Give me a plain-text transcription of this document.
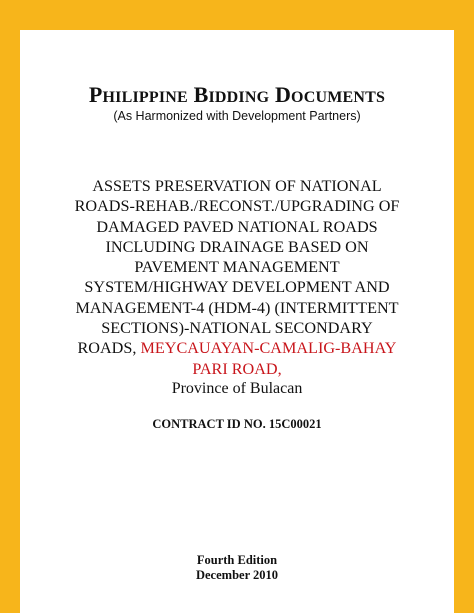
PHILIPPINE BIDDING DOCUMENTS
(As Harmonized with Development Partners)
ASSETS PRESERVATION OF NATIONAL
ROADS-REHAB./RECONST./UPGRADING OF
DAMAGED PAVED NATIONAL ROADS
INCLUDING DRAINAGE BASED ON
PAVEMENT MANAGEMENT
SYSTEM/HIGHWAY DEVELOPMENT AND
MANAGEMENT-4 (HDM-4) (INTERMITTENT
SECTIONS)-NATIONAL SECONDARY
ROADS, MEYCAUAYAN-CAMALIG-BAHAY
PARI ROAD,
Province of Bulacan
CONTRACT ID NO. 15C00021
Fourth Edition
December 2010
